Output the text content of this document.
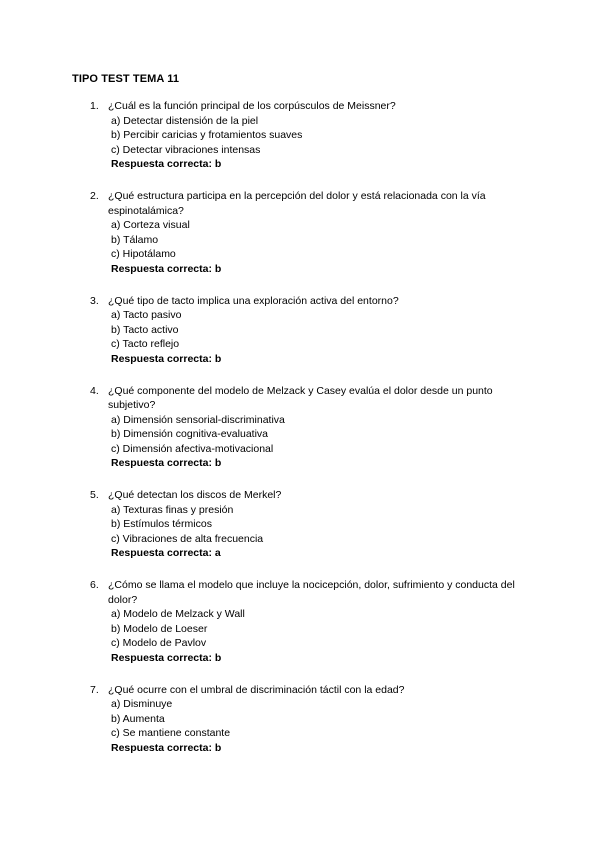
TIPO TEST TEMA 11
1. ¿Cuál es la función principal de los corpúsculos de Meissner?
a) Detectar distensión de la piel
b) Percibir caricias y frotamientos suaves
c) Detectar vibraciones intensas
Respuesta correcta: b
2. ¿Qué estructura participa en la percepción del dolor y está relacionada con la vía espinotalámica?
a) Corteza visual
b) Tálamo
c) Hipotálamo
Respuesta correcta: b
3. ¿Qué tipo de tacto implica una exploración activa del entorno?
a) Tacto pasivo
b) Tacto activo
c) Tacto reflejo
Respuesta correcta: b
4. ¿Qué componente del modelo de Melzack y Casey evalúa el dolor desde un punto subjetivo?
a) Dimensión sensorial-discriminativa
b) Dimensión cognitiva-evaluativa
c) Dimensión afectiva-motivacional
Respuesta correcta: b
5. ¿Qué detectan los discos de Merkel?
a) Texturas finas y presión
b) Estímulos térmicos
c) Vibraciones de alta frecuencia
Respuesta correcta: a
6. ¿Cómo se llama el modelo que incluye la nocicepción, dolor, sufrimiento y conducta del dolor?
a) Modelo de Melzack y Wall
b) Modelo de Loeser
c) Modelo de Pavlov
Respuesta correcta: b
7. ¿Qué ocurre con el umbral de discriminación táctil con la edad?
a) Disminuye
b) Aumenta
c) Se mantiene constante
Respuesta correcta: b
